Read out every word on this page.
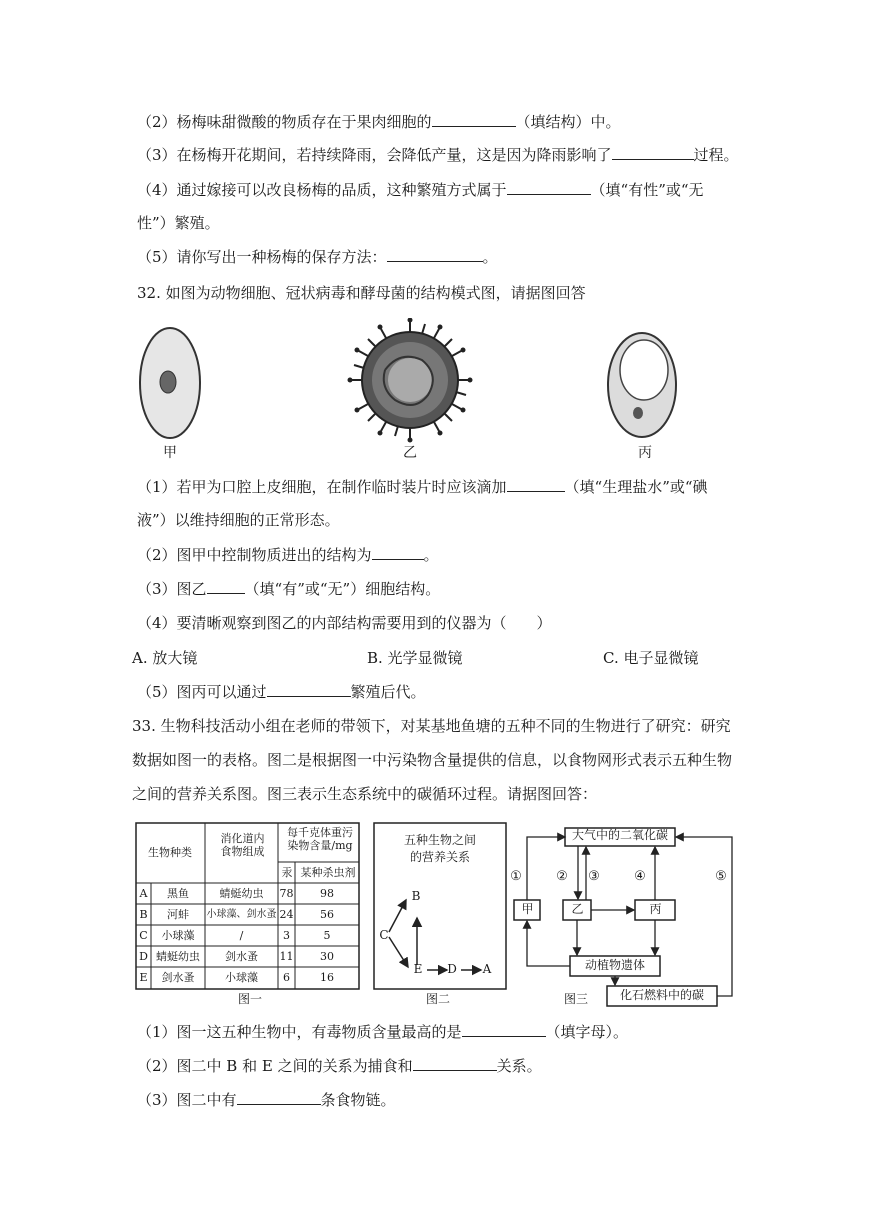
（2）杨梅味甜微酸的物质存在于果肉细胞的	（填结构）中。
（3）在杨梅开花期间，若持续降雨，会降低产量，这是因为降雨影响了	过程。
（4）通过嫁接可以改良杨梅的品质，这种繁殖方式属于	（填“有性”或“无
性”）繁殖。
（5）请你写出一种杨梅的保存方法：	。
32. 如图为动物细胞、冠状病毒和酵母菌的结构模式图，请据图回答
甲	乙	丙
（1）若甲为口腔上皮细胞，在制作临时装片时应该滴加	（填“生理盐水”或“碘
液”）以维持细胞的正常形态。
（2）图甲中控制物质进出的结构为	。
（3）图乙	（填“有”或“无”）细胞结构。
（4）要清晰观察到图乙的内部结构需要用到的仪器为（　　）
A. 放大镜	B. 光学显微镜	C. 电子显微镜
（5）图丙可以通过	繁殖后代。
33. 生物科技活动小组在老师的带领下，对某基地鱼塘的五种不同的生物进行了研究：研究
数据如图一的表格。图二是根据图一中污染物含量提供的信息，以食物网形式表示五种生物
之间的营养关系图。图三表示生态系统中的碳循环过程。请据图回答：
生物种类
消化道内
食物组成
每千克体重污
染物含量/mg
汞 某种杀虫剂
A	黑鱼	蜻蜓幼虫	78	98
B	河蚌	小球藻、剑水蚤 24	56
C	小球藻	/	3	5
D 蜻蜓幼虫	剑水蚤	11	30
E	剑水蚤	小球藻	6	16
图一
五种生物之间
的营养关系
B
C
E	D	A
图二
大气中的二氧化碳
甲	乙	丙
动植物遗体
化石燃料中的碳
①	② ③	④	⑤
图三
（1）图一这五种生物中，有毒物质含量最高的是	（填字母）。
（2）图二中 B 和 E 之间的关系为捕食和	关系。
（3）图二中有	条食物链。
